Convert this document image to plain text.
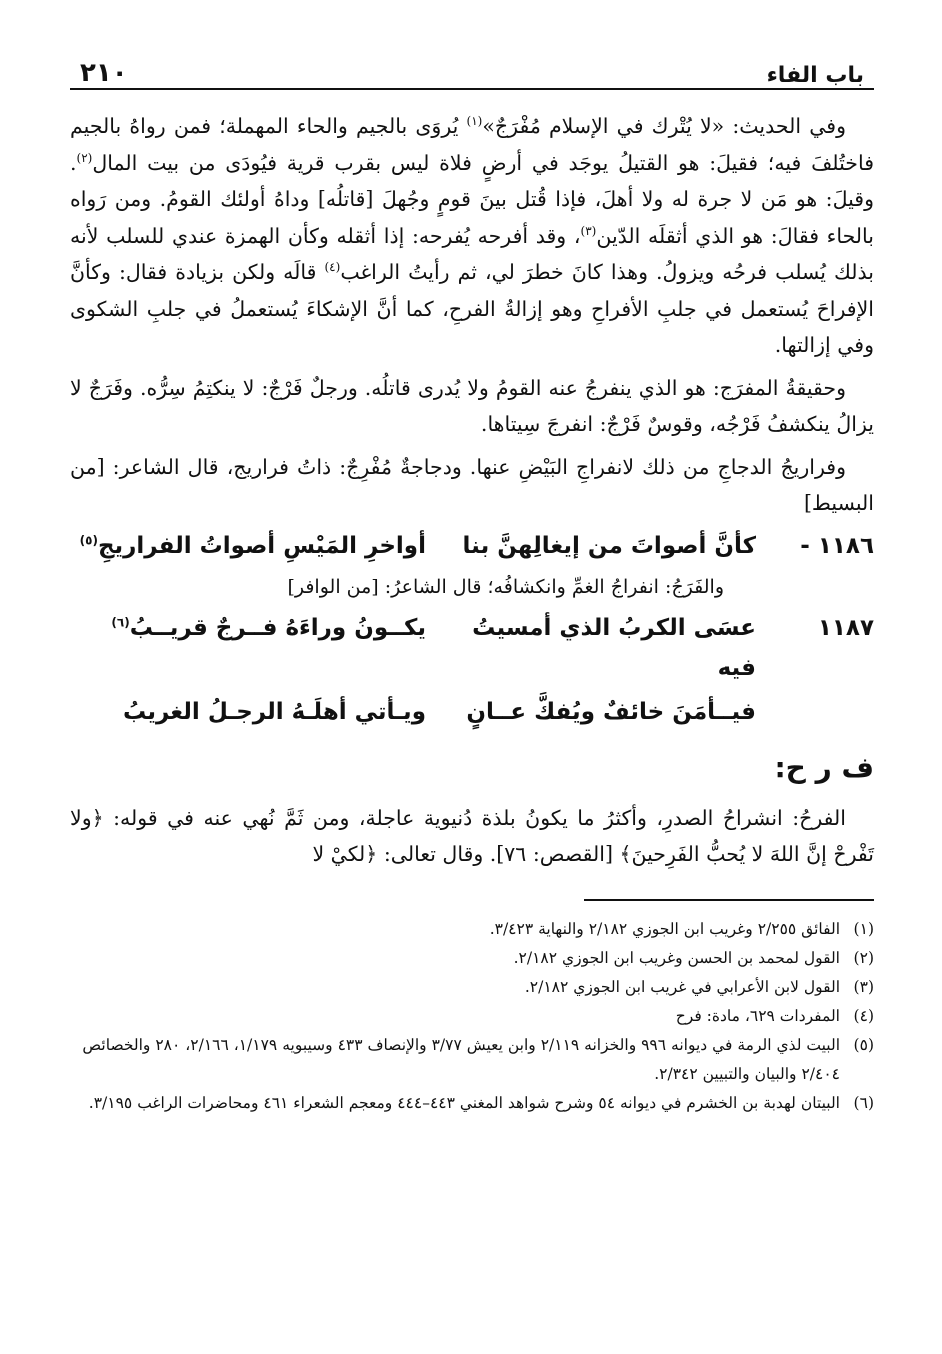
باب الفاء
٢١٠

وفي الحديث: «لا يُتْرك في الإسلام مُفْرَجٌ»$^{(١)}$ يُروَى بالجيم والحاء المهملة؛ فمن رواهُ بالجيم فاختُلفَ فيه؛ فقيلَ: هو القتيلُ يوجَد في أرضٍ فلاة ليس بقرب قرية فيُودَى من بيت المال$^{(٢)}$. وقيلَ: هو مَن لا جرة له ولا أهلَ، فإذا قُتل بينَ قومٍ وجُهلَ [قاتلُه] وداهُ أولئك القومُ. ومن رَواه بالحاء فقالَ: هو الذي أثقلَه الدّين$^{(٣)}$، وقد أفرحه يُفرحه: إذا أثقله وكأن الهمزة عندي للسلب لأنه بذلك يُسلب فرحُه ويزولُ. وهذا كانَ خطرَ لي، ثم رأيتُ الراغب$^{(٤)}$ قالَه ولكن بزيادة فقال: وكأنَّ الإفراحَ يُستعمل في جلبِ الأفراحِ وهو إزالةُ الفرحِ، كما أنَّ الإشكاءَ يُستعملُ في جلبِ الشكوى وفي إزالتها.

وحقيقةُ المفرَج: هو الذي ينفرجُ عنه القومُ ولا يُدرى قاتلُه. ورجلٌ فَرْجٌ: لا ينكتِمُ سِرُّه. وفَرَجٌ لا يزالُ ينكشفُ فَرْجُه، وقوسٌ فَرْجٌ: انفرجَ سِيتاها.

وفراريجُ الدجاجِ من ذلك لانفراجِ البَيْضِ عنها. ودجاجةٌ مُفْرِجٌ: ذاتُ فراريج، قال الشاعر: [من البسيط]

١١٨٦ -
كأنَّ أصواتَ من إيغالِهنَّ بنا
أواخرِ المَيْسِ أصواتُ الفراريجِ$^{(٥)}$

والفَرَجُ: انفراجُ الغمِّ وانكشافُه؛ قال الشاعرُ: [من الوافر]

١١٨٧
عسَى الكربُ الذي أمسيتُ فيه
يكــونُ وراءَهُ فــرجٌ قريــبُ$^{(٦)}$
فيــأمَنَ خائفٌ ويُفكَّ عــانٍ
ويـأتي أهلَـهُ الرجـلُ الغريبُ
ف ر ح:

الفرحُ: انشراحُ الصدرِ، وأكثرُ ما يكونُ بلذة دُنيوية عاجلة، ومن ثَمَّ نُهي عنه في قوله: ﴿ولا تَفْرحْ إنَّ اللهَ لا يُحبُّ الفَرِحينَ﴾ [القصص: ٧٦]. وقال تعالى: ﴿لكيْ لا

(١)
الفائق ٢/٢٥٥ وغريب ابن الجوزي ٢/١٨٢ والنهاية ٣/٤٢٣.
(٢)
القول لمحمد بن الحسن وغريب ابن الجوزي ٢/١٨٢.
(٣)
القول لابن الأعرابي في غريب ابن الجوزي ٢/١٨٢.
(٤)
المفردات ٦٢٩، مادة: فرح
(٥)
البيت لذي الرمة في ديوانه ٩٩٦ والخزانه ٢/١١٩ وابن يعيش ٣/٧٧ والإنصاف ٤٣٣ وسيبويه ١/١٧٩، ٢/١٦٦، ٢٨٠ والخصائص ٢/٤٠٤ والبيان والتبيين ٢/٣٤٢.
(٦)
البيتان لهدبة بن الخشرم في ديوانه ٥٤ وشرح شواهد المغني ٤٤٣–٤٤٤ ومعجم الشعراء ٤٦١ ومحاضرات الراغب ٣/١٩٥.
